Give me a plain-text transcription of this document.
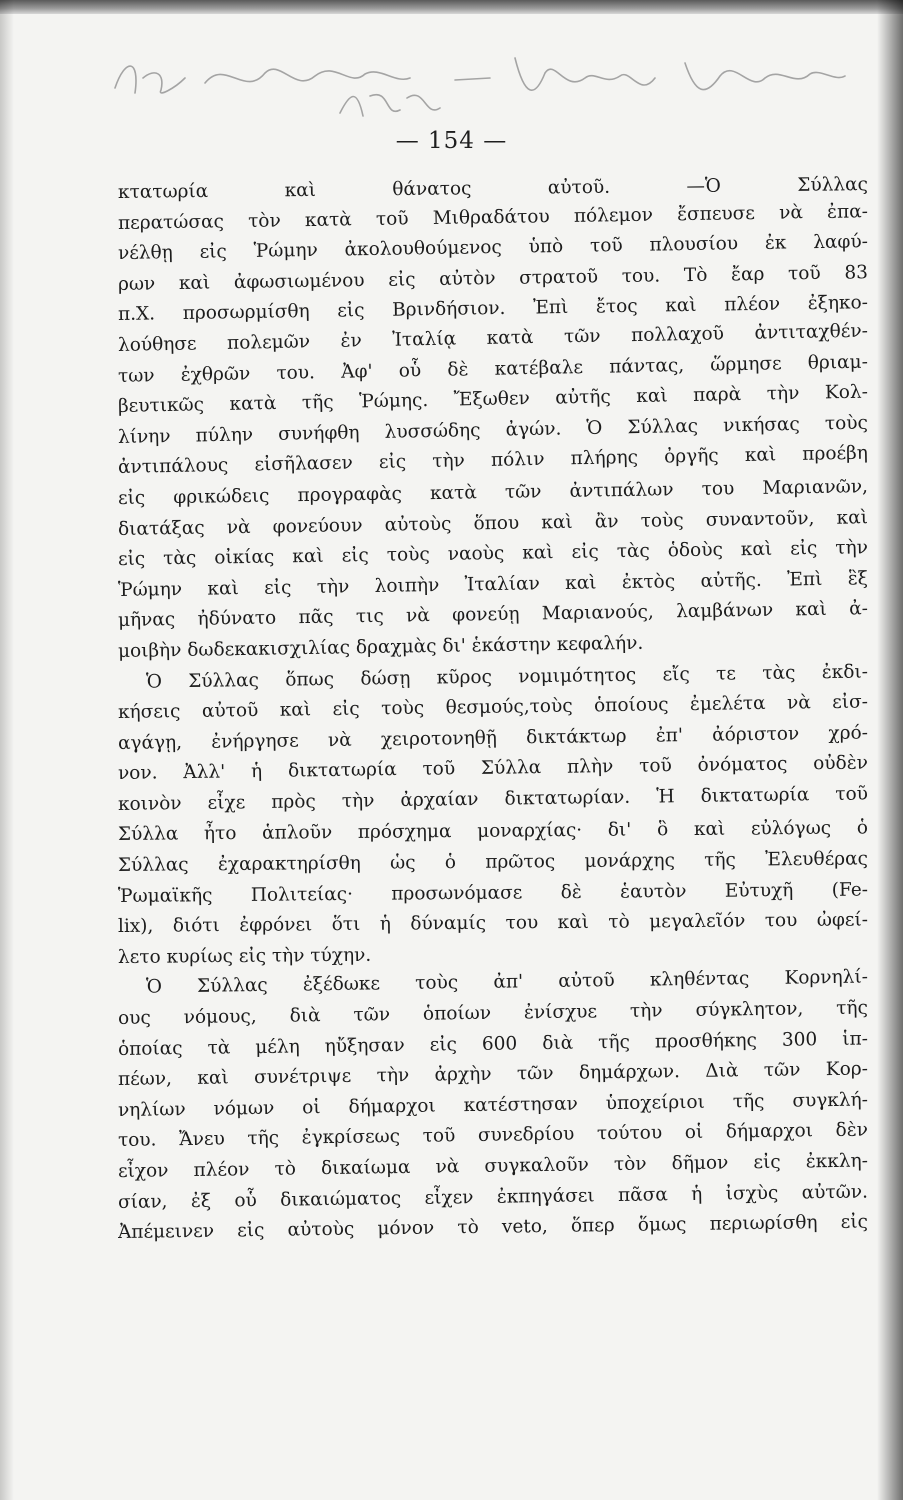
— 154 —
κτατωρία καὶ θάνατος αὐτοῦ. —Ὁ Σύλλας
περατώσας τὸν κατὰ τοῦ Μιθραδάτου πόλεμον ἔσπευσε νὰ ἐπα-
νέλθῃ εἰς Ῥώμην ἀκολουθούμενος ὑπὸ τοῦ πλουσίου ἐκ λαφύ-
ρων καὶ ἀφωσιωμένου εἰς αὐτὸν στρατοῦ του. Τὸ ἔαρ τοῦ 83
π.Χ. προσωρμίσθη εἰς Βρινδήσιον. Ἐπὶ ἔτος καὶ πλέον ἐξηκο-
λούθησε πολεμῶν ἐν Ἰταλίᾳ κατὰ τῶν πολλαχοῦ ἀντιταχθέν-
των ἐχθρῶν του. Ἀφ' οὗ δὲ κατέβαλε πάντας, ὥρμησε θριαμ-
βευτικῶς κατὰ τῆς Ῥώμης. Ἔξωθεν αὐτῆς καὶ παρὰ τὴν Κολ-
λίνην πύλην συνήφθη λυσσώδης ἀγών. Ὁ Σύλλας νικήσας τοὺς
ἀντιπάλους εἰσῆλασεν εἰς τὴν πόλιν πλήρης ὀργῆς καὶ προέβη
εἰς φρικώδεις προγραφὰς κατὰ τῶν ἀντιπάλων του Μαριανῶν,
διατάξας νὰ φονεύουν αὐτοὺς ὅπου καὶ ἂν τοὺς συναντοῦν, καὶ
εἰς τὰς οἰκίας καὶ εἰς τοὺς ναοὺς καὶ εἰς τὰς ὁδοὺς καὶ εἰς τὴν
Ῥώμην καὶ εἰς τὴν λοιπὴν Ἰταλίαν καὶ ἐκτὸς αὐτῆς. Ἐπὶ ἓξ
μῆνας ἠδύνατο πᾶς τις νὰ φονεύῃ Μαριανούς, λαμβάνων καὶ ἀ-
μοιβὴν δωδεκακισχιλίας δραχμὰς δι' ἑκάστην κεφαλήν.
Ὁ Σύλλας ὅπως δώσῃ κῦρος νομιμότητος εἴς τε τὰς ἐκδι-
κήσεις αὐτοῦ καὶ εἰς τοὺς θεσμούς,τοὺς ὁποίους ἐμελέτα νὰ εἰσ-
αγάγῃ, ἐνήργησε νὰ χειροτονηθῇ δικτάκτωρ ἐπ' ἀόριστον χρό-
νον. Ἀλλ' ἡ δικτατωρία τοῦ Σύλλα πλὴν τοῦ ὀνόματος οὐδὲν
κοινὸν εἶχε πρὸς τὴν ἀρχαίαν δικτατωρίαν. Ἡ δικτατωρία τοῦ
Σύλλα ἦτο ἁπλοῦν πρόσχημα μοναρχίας· δι' ὃ καὶ εὐλόγως ὁ
Σύλλας ἐχαρακτηρίσθη ὡς ὁ πρῶτος μονάρχης τῆς Ἐλευθέρας
Ῥωμαϊκῆς Πολιτείας· προσωνόμασε δὲ ἑαυτὸν Εὐτυχῆ (Fe-
lix), διότι ἐφρόνει ὅτι ἡ δύναμίς του καὶ τὸ μεγαλεῖόν του ὠφεί-
λετο κυρίως εἰς τὴν τύχην.
Ὁ Σύλλας ἐξέδωκε τοὺς ἀπ' αὐτοῦ κληθέντας Κορνηλί-
ους νόμους, διὰ τῶν ὁποίων ἐνίσχυε τὴν σύγκλητον, τῆς
ὁποίας τὰ μέλη ηὔξησαν εἰς 600 διὰ τῆς προσθήκης 300 ἱπ-
πέων, καὶ συνέτριψε τὴν ἀρχὴν τῶν δημάρχων. Διὰ τῶν Κορ-
νηλίων νόμων οἱ δήμαρχοι κατέστησαν ὑποχείριοι τῆς συγκλή-
του. Ἄνευ τῆς ἐγκρίσεως τοῦ συνεδρίου τούτου οἱ δήμαρχοι δὲν
εἶχον πλέον τὸ δικαίωμα νὰ συγκαλοῦν τὸν δῆμον εἰς ἐκκλη-
σίαν, ἐξ οὗ δικαιώματος εἶχεν ἐκπηγάσει πᾶσα ἡ ἰσχὺς αὐτῶν.
Ἀπέμεινεν εἰς αὐτοὺς μόνον τὸ veto, ὅπερ ὅμως περιωρίσθη εἰς
